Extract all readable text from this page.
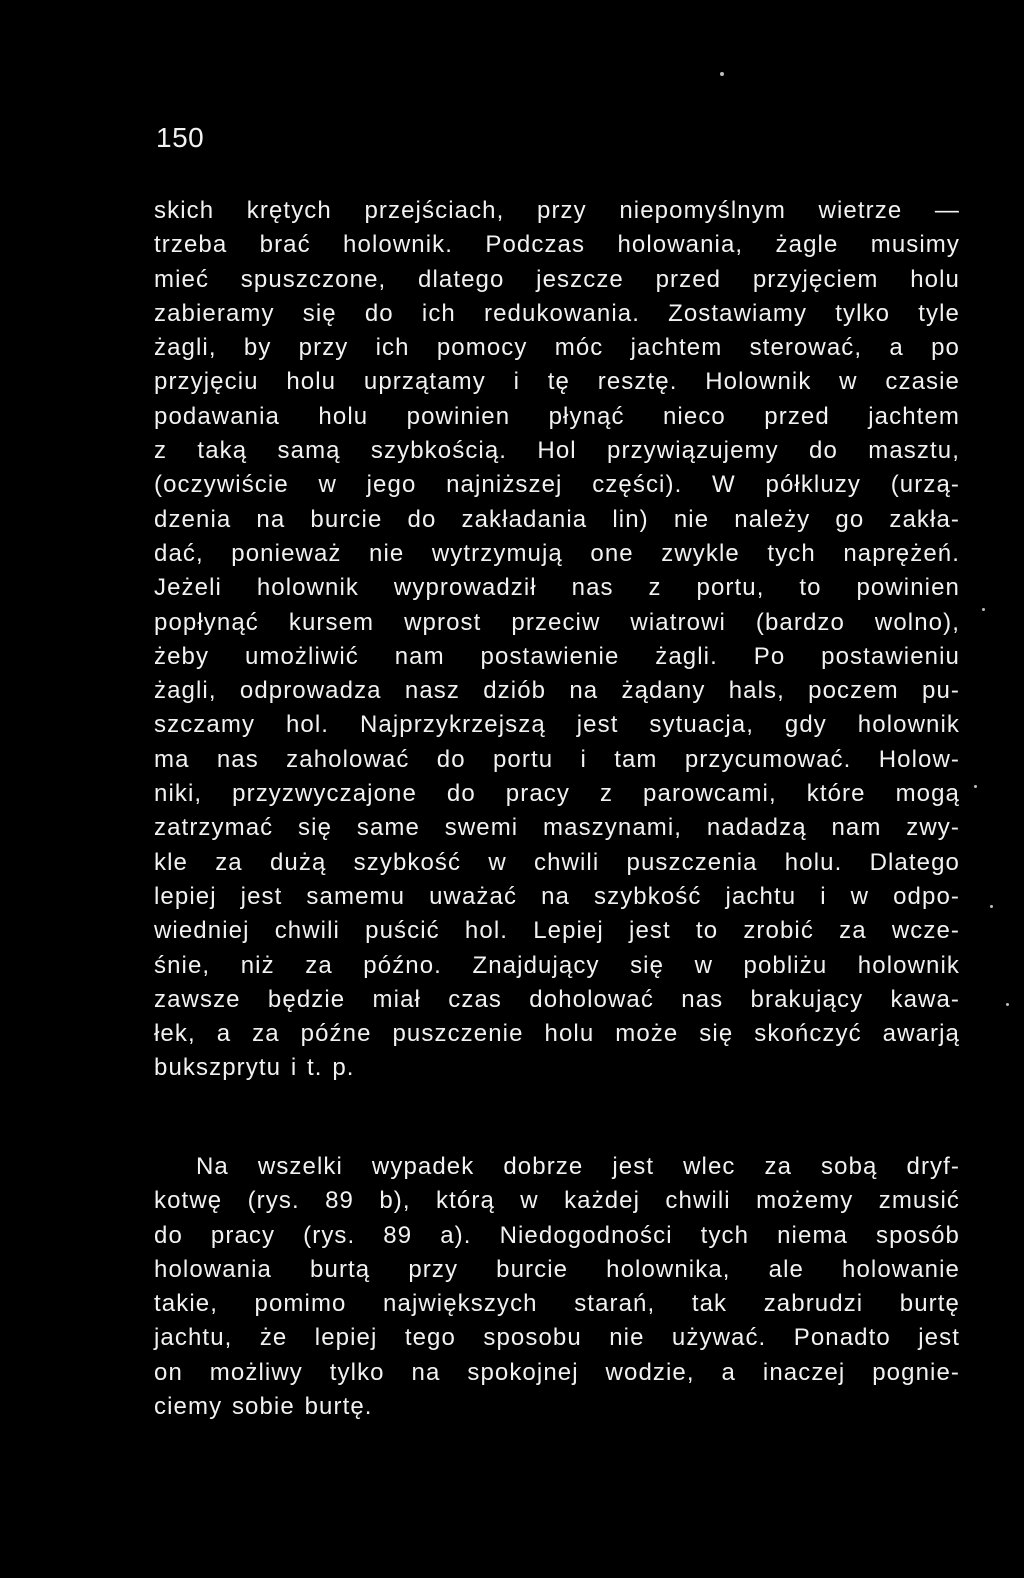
150
skich krętych przejściach, przy niepomyślnym wietrze —
trzeba brać holownik. Podczas holowania, żagle musimy
mieć spuszczone, dlatego jeszcze przed przyjęciem holu
zabieramy się do ich redukowania. Zostawiamy tylko tyle
żagli, by przy ich pomocy móc jachtem sterować, a po
przyjęciu holu uprzątamy i tę resztę. Holownik w czasie
podawania holu powinien płynąć nieco przed jachtem
z taką samą szybkością. Hol przywiązujemy do masztu,
(oczywiście w jego najniższej części). W półkluzy (urzą-
dzenia na burcie do zakładania lin) nie należy go zakła-
dać, ponieważ nie wytrzymują one zwykle tych naprężeń.
Jeżeli holownik wyprowadził nas z portu, to powinien
popłynąć kursem wprost przeciw wiatrowi (bardzo wolno),
żeby umożliwić nam postawienie żagli. Po postawieniu
żagli, odprowadza nasz dziób na żądany hals, poczem pu-
szczamy hol. Najprzykrzejszą jest sytuacja, gdy holownik
ma nas zaholować do portu i tam przycumować. Holow-
niki, przyzwyczajone do pracy z parowcami, które mogą
zatrzymać się same swemi maszynami, nadadzą nam zwy-
kle za dużą szybkość w chwili puszczenia holu. Dlatego
lepiej jest samemu uważać na szybkość jachtu i w odpo-
wiedniej chwili puścić hol. Lepiej jest to zrobić za wcze-
śnie, niż za późno. Znajdujący się w pobliżu holownik
zawsze będzie miał czas doholować nas brakujący kawa-
łek, a za późne puszczenie holu może się skończyć awarją
bukszprytu i t. p.
Na wszelki wypadek dobrze jest wlec za sobą dryf-
kotwę (rys. 89 b), którą w każdej chwili możemy zmusić
do pracy (rys. 89 a). Niedogodności tych niema sposób
holowania burtą przy burcie holownika, ale holowanie
takie, pomimo największych starań, tak zabrudzi burtę
jachtu, że lepiej tego sposobu nie używać. Ponadto jest
on możliwy tylko na spokojnej wodzie, a inaczej pognie-
ciemy sobie burtę.
